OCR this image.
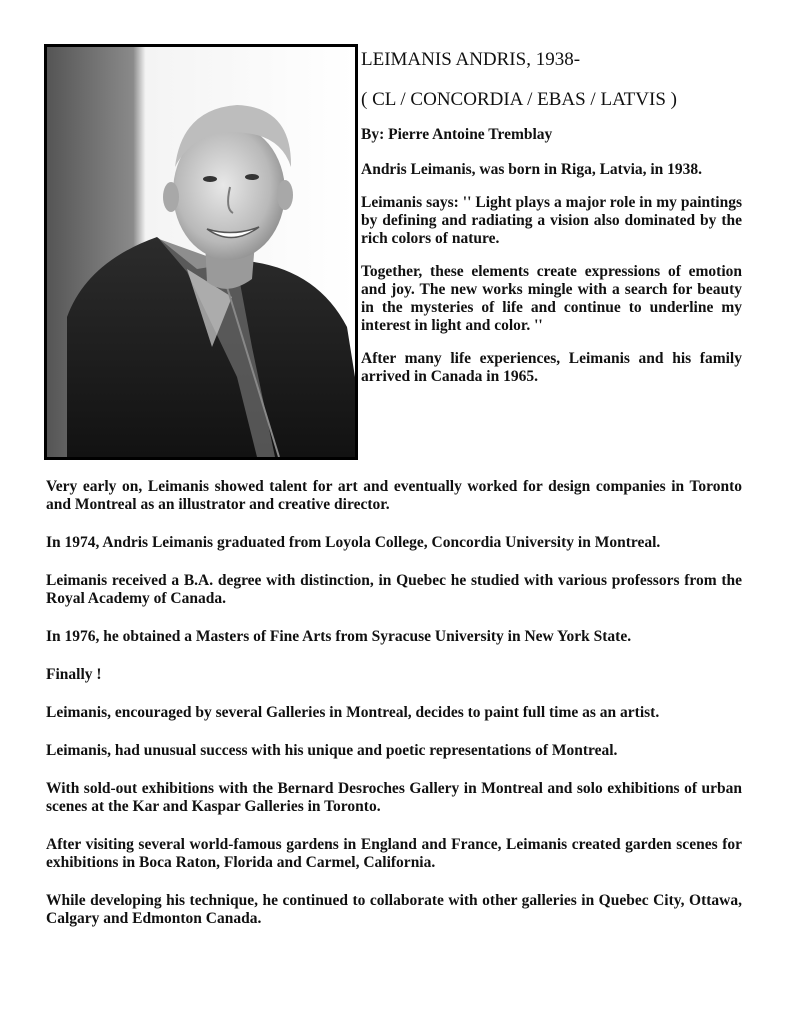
LEIMANIS ANDRIS, 1938-
( CL / CONCORDIA / EBAS / LATVIS )

By: Pierre Antoine Tremblay

Andris Leimanis, was born in Riga, Latvia, in 1938.

Leimanis says: '' Light plays a major role in my paintings by defining and radiating a vision also dominated by the rich colors of nature.

Together, these elements create expressions of emotion and joy. The new works mingle with a search for beauty in the mysteries of life and continue to underline my interest in light and color. ''

After many life experiences, Leimanis and his family arrived in Canada in 1965.

Very early on, Leimanis showed talent for art and eventually worked for design companies in Toronto and Montreal as an illustrator and creative director.

In 1974, Andris Leimanis graduated from Loyola College, Concordia University in Montreal.

Leimanis received a B.A. degree with distinction, in Quebec he studied with various professors from the Royal Academy of Canada.

In 1976, he obtained a Masters of Fine Arts from Syracuse University in New York State.

Finally !

Leimanis, encouraged by several Galleries in Montreal, decides to paint full time as an artist.

Leimanis, had unusual success with his unique and poetic representations of Montreal.

With sold-out exhibitions with the Bernard Desroches Gallery in Montreal and solo exhibitions of urban scenes at the Kar and Kaspar Galleries in Toronto.

After visiting several world-famous gardens in England and France, Leimanis created garden scenes for exhibitions in Boca Raton, Florida and Carmel, California.

While developing his technique, he continued to collaborate with other galleries in Quebec City, Ottawa, Calgary and Edmonton Canada.
